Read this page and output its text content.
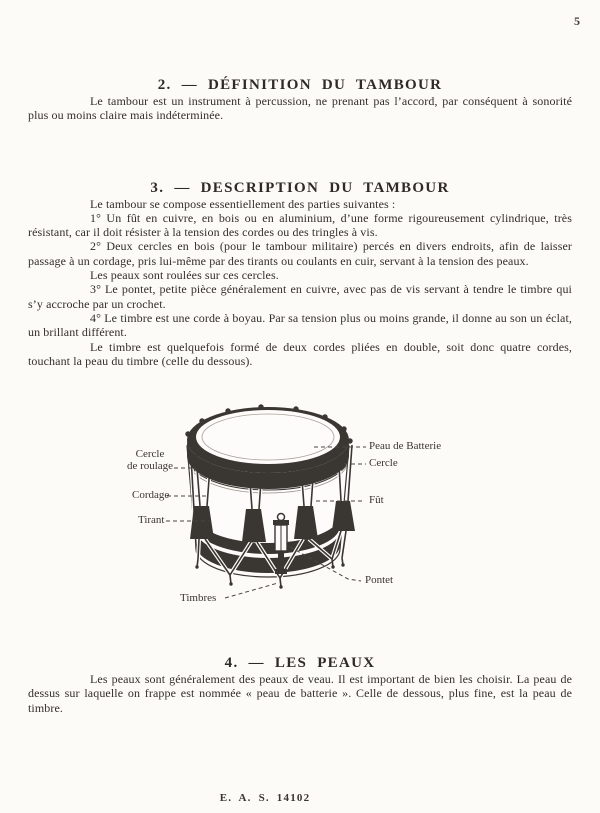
5
2. — DÉFINITION DU TAMBOUR

Le tambour est un instrument à percussion, ne prenant pas l’accord, par conséquent à sonorité plus ou moins claire mais indéterminée.

3. — DESCRIPTION DU TAMBOUR

Le tambour se compose essentiellement des parties suivantes :

1° Un fût en cuivre, en bois ou en aluminium, d’une forme rigoureusement cylindrique, très résistant, car il doit résister à la tension des cordes ou des tringles à vis.

2° Deux cercles en bois (pour le tambour militaire) percés en divers endroits, afin de laisser passage à un cordage, pris lui-même par des tirants ou coulants en cuir, servant à la tension des peaux.

Les peaux sont roulées sur ces cercles.

3° Le pontet, petite pièce généralement en cuivre, avec pas de vis servant à tendre le timbre qui s’y accroche par un crochet.

4° Le timbre est une corde à boyau. Par sa tension plus ou moins grande, il donne au son un éclat, un brillant différent.

Le timbre est quelquefois formé de deux cordes pliées en double, soit donc quatre cordes, touchant la peau du timbre (celle du dessous).

Cercle
de roulage
Cordage
Tirant
Timbres
Peau de Batterie
Cercle
Fût
Pontet
4. — LES PEAUX

Les peaux sont généralement des peaux de veau. Il est important de bien les choisir. La peau de dessus sur laquelle on frappe est nommée « peau de batterie ». Celle de dessous, plus fine, est la peau de timbre.

E. A. S. 14102
